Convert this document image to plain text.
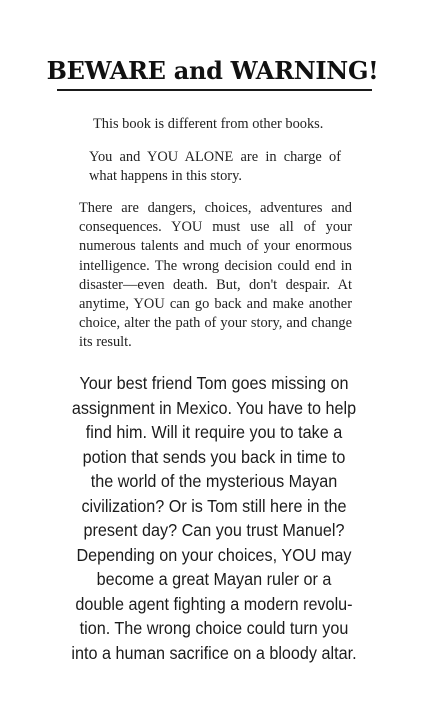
BEWARE and WARNING!

This book is different from other books.

You and YOU ALONE are in charge of what happens in this story.

There are dangers, choices, adventures and consequences. YOU must use all of your numerous talents and much of your enormous intelligence. The wrong decision could end in disaster—even death. But, don't despair. At anytime, YOU can go back and make another choice, alter the path of your story, and change its result.

Your best friend Tom goes missing on assignment in Mexico. You have to help find him. Will it require you to take a potion that sends you back in time to the world of the mysterious Mayan civilization? Or is Tom still here in the present day? Can you trust Manuel? Depending on your choices, YOU may become a great Mayan ruler or a double agent fighting a modern revolu-tion. The wrong choice could turn you into a human sacrifice on a bloody altar.
